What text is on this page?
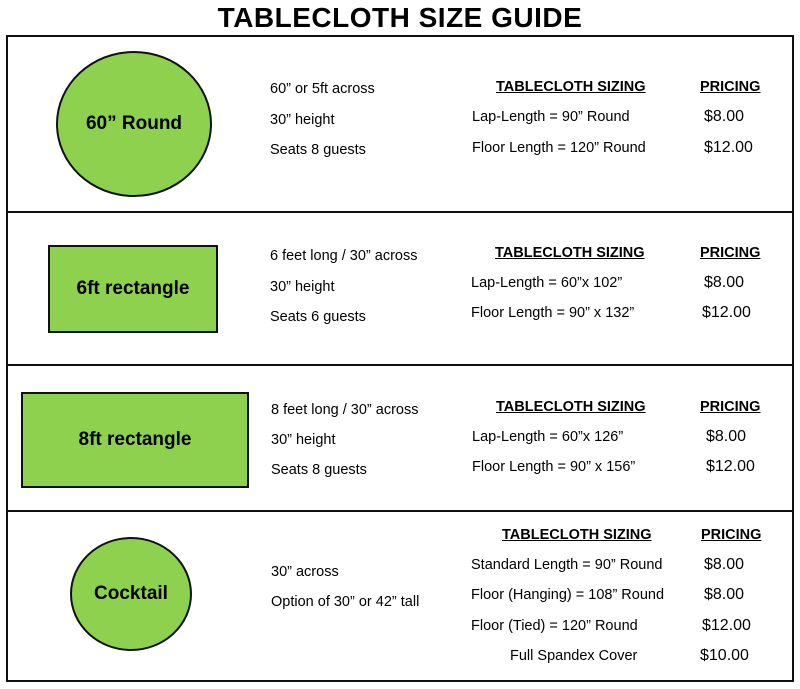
TABLECLOTH SIZE GUIDE
60” Round
60” or 5ft across
30” height
Seats 8 guests
TABLECLOTH SIZING	PRICING
Lap-Length = 90” Round	$8.00
Floor Length = 120” Round	$12.00
6ft rectangle
6 feet long / 30” across
30” height
Seats 6 guests
TABLECLOTH SIZING	PRICING
Lap-Length = 60”x 102”	$8.00
Floor Length = 90” x 132”	$12.00
8ft rectangle
8 feet long / 30” across
30” height
Seats 8 guests
TABLECLOTH SIZING	PRICING
Lap-Length = 60”x 126”	$8.00
Floor Length = 90” x 156”	$12.00
Cocktail
30” across
Option of 30” or 42” tall
TABLECLOTH SIZING	PRICING
Standard Length = 90” Round	$8.00
Floor (Hanging) = 108” Round $8.00
Floor (Tied) = 120” Round	$12.00
Full Spandex Cover	$10.00
